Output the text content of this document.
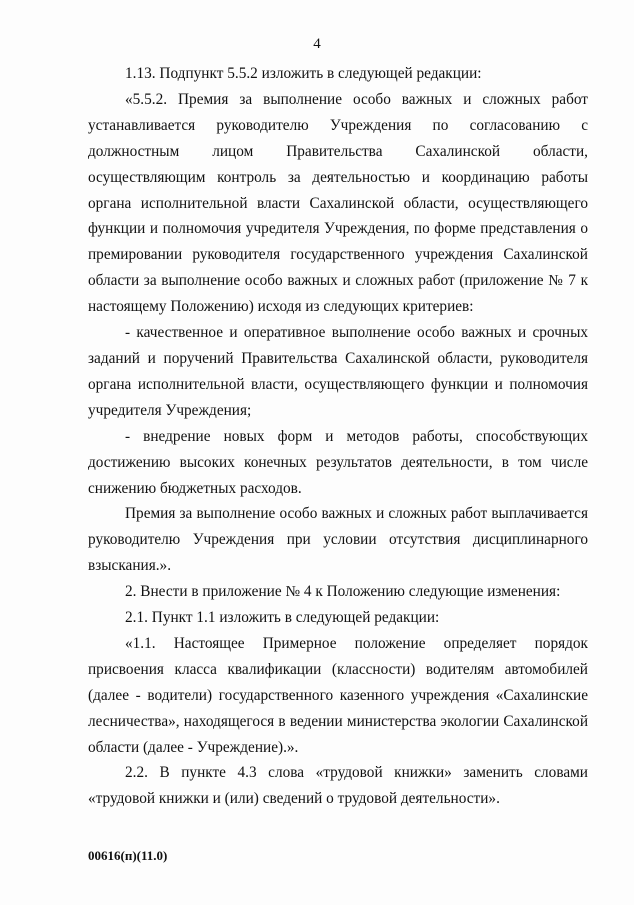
4

1.13. Подпункт 5.5.2 изложить в следующей редакции:

«5.5.2. Премия за выполнение особо важных и сложных работ устанавливается руководителю Учреждения по согласованию с должностным лицом Правительства Сахалинской области, осуществляющим контроль за деятельностью и координацию работы органа исполнительной власти Сахалинской области, осуществляющего функции и полномочия учредителя Учреждения, по форме представления о премировании руководителя государственного учреждения Сахалинской области за выполнение особо важных и сложных работ (приложение № 7 к настоящему Положению) исходя из следующих критериев:

- качественное и оперативное выполнение особо важных и срочных заданий и поручений Правительства Сахалинской области, руководителя органа исполнительной власти, осуществляющего функции и полномочия учредителя Учреждения;

- внедрение новых форм и методов работы, способствующих достижению высоких конечных результатов деятельности, в том числе снижению бюджетных расходов.

Премия за выполнение особо важных и сложных работ выплачивается руководителю Учреждения при условии отсутствия дисциплинарного взыскания.».

2. Внести в приложение № 4 к Положению следующие изменения:

2.1. Пункт 1.1 изложить в следующей редакции:

«1.1. Настоящее Примерное положение определяет порядок присвоения класса квалификации (классности) водителям автомобилей (далее - водители) государственного казенного учреждения «Сахалинские лесничества», находящегося в ведении министерства экологии Сахалинской области (далее - Учреждение).».

2.2. В пункте 4.3 слова «трудовой книжки» заменить словами «трудовой книжки и (или) сведений о трудовой деятельности».

00616(п)(11.0)
